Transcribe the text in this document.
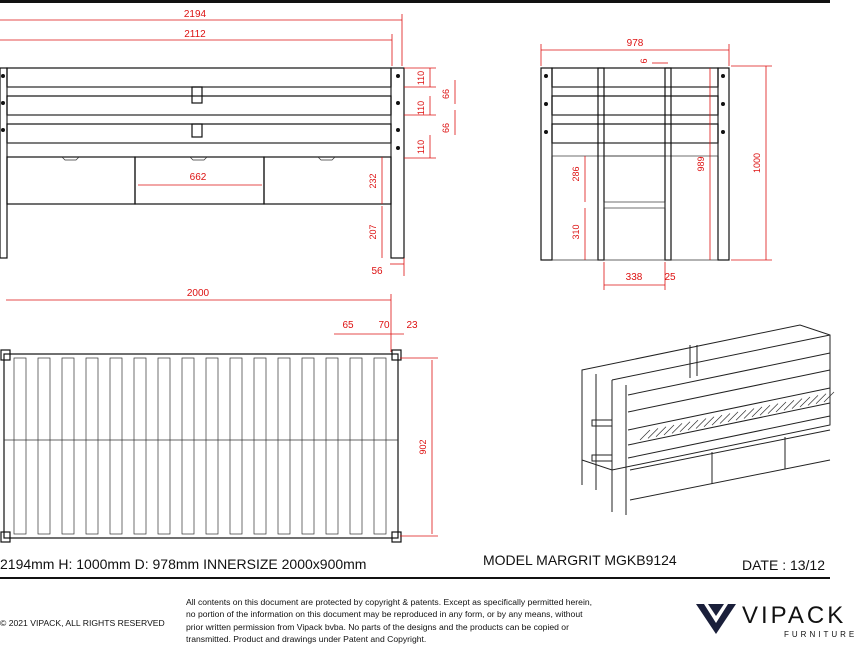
2194
2112
662	232
207
56
110
66
110
66
110
978
6
286
310
338 25
989	1000
2000
65 70 23
902
2194mm H: 1000mm D: 978mm INNERSIZE 2000x900mm	MODEL MARGRIT MGKB9124	DATE : 13/12
© 2021 VIPACK, ALL RIGHTS RESERVED
All contents on this document are protected by copyright & patents. Except as specifically permitted herein,
no portion of the information on this document may be reproduced in any form, or by any means, without
prior written permission from Vipack bvba. No parts of the designs and the products can be copied or
transmitted. Product and drawings under Patent and Copyright.
VIPACK
FURNITURE
